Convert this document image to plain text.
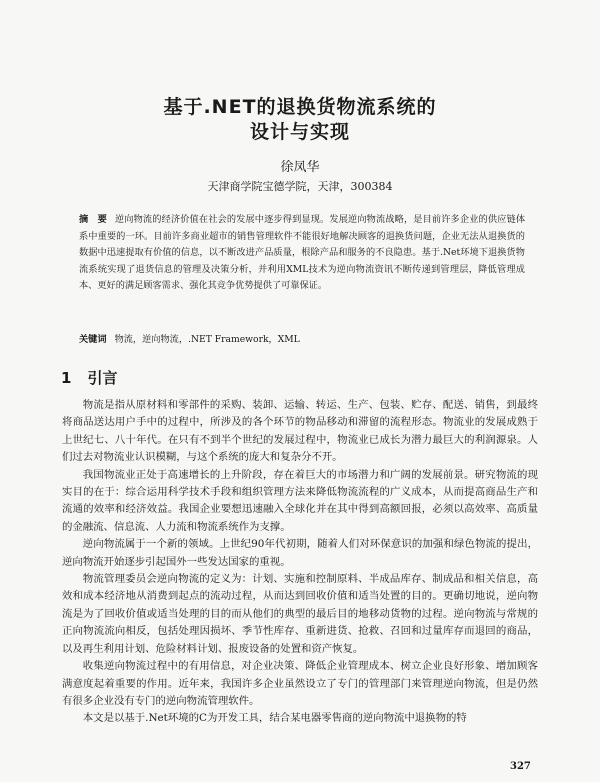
基于.NET的退换货物流系统的
设计与实现
徐凤华
天津商学院宝德学院，天津，300384
摘　要 逆向物流的经济价值在社会的发展中逐步得到显现。发展逆向物流战略，是目前许多企业的供应链体系中重要的一环。目前许多商业超市的销售管理软件不能很好地解决顾客的退换货问题，企业无法从退换货的数据中迅速提取有价值的信息，以不断改进产品质量，根除产品和服务的不良隐患。基于.Net环境下退换货物流系统实现了退货信息的管理及决策分析，并利用XML技术为逆向物流资讯不断传递到管理层，降低管理成本、更好的满足顾客需求、强化其竞争优势提供了可靠保证。
关键词 物流，逆向物流，.NET Framework，XML
1 引言

物流是指从原材料和零部件的采购、装卸、运输、转运、生产、包装、贮存、配送、销售，到最终将商品送达用户手中的过程中，所涉及的各个环节的物品移动和滞留的流程形态。物流业的发展成熟于上世纪七、八十年代。在只有不到半个世纪的发展过程中，物流业已成长为潜力最巨大的利润源泉。人们过去对物流业认识模糊，与这个系统的庞大和复杂分不开。

我国物流业正处于高速增长的上升阶段，存在着巨大的市场潜力和广阔的发展前景。研究物流的现实目的在于：综合运用科学技术手段和组织管理方法来降低物流流程的广义成本，从而提高商品生产和流通的效率和经济效益。我国企业要想迅速融入全球化并在其中得到高额回报，必须以高效率、高质量的金融流、信息流、人力流和物流系统作为支撑。

逆向物流属于一个新的领域。上世纪90年代初期，随着人们对环保意识的加强和绿色物流的提出，逆向物流开始逐步引起国外一些发达国家的重视。

物流管理委员会逆向物流的定义为：计划、实施和控制原料、半成品库存、制成品和相关信息，高效和成本经济地从消费到起点的流动过程，从而达到回收价值和适当处置的目的。更确切地说，逆向物流是为了回收价值或适当处理的目的而从他们的典型的最后目的地移动货物的过程。逆向物流与常规的正向物流流向相反，包括处理因损坏、季节性库存、重新进货、抢救、召回和过量库存而退回的商品，以及再生利用计划、危险材料计划、报废设备的处置和资产恢复。

收集逆向物流过程中的有用信息，对企业决策、降低企业管理成本、树立企业良好形象、增加顾客满意度起着重要的作用。近年来，我国许多企业虽然设立了专门的管理部门来管理逆向物流，但是仍然有很多企业没有专门的逆向物流管理软件。

本文是以基于.Net环境的C为开发工具，结合某电器零售商的逆向物流中退换物的特

327
